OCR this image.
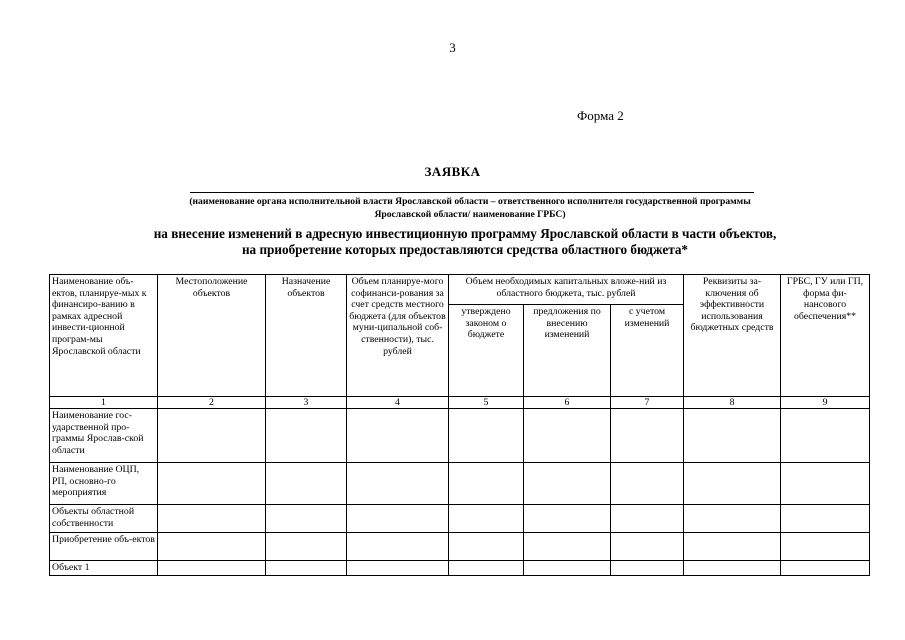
3
Форма 2
ЗАЯВКА
(наименование органа исполнительной власти Ярославской области – ответственного исполнителя государственной программы
Ярославской области/ наименование ГРБС)
на внесение изменений в адресную инвестиционную программу Ярославской области в части объектов,
на приобретение которых предоставляются средства областного бюджета*
Наименование объ-ектов, планируе-мых к финансиро-ванию в рамках адресной инвести-ционной програм-мы Ярославской области	Местоположение объектов	Назначение объектов	Объем планируе-мого софинанси-рования за счет средств местного бюджета (для объектов муни-ципальной соб-ственности), тыс. рублей	Объем необходимых капитальных вложе-ний из областного бюджета, тыс. рублей			Реквизиты за-ключения об эффективности использования бюджетных средств	ГРБС, ГУ или ГП, форма фи-нансового обеспечения**
				утверждено законом о бюджете	предложения по внесению изменений	с учетом изменений		
1	2	3	4	5	6	7	8	9
Наименование гос-ударственной про-граммы Ярослав-ской области								
Наименование ОЦП, РП, основно-го мероприятия								
Объекты областной собственности								
Приобретение объ-ектов								
Объект 1								
